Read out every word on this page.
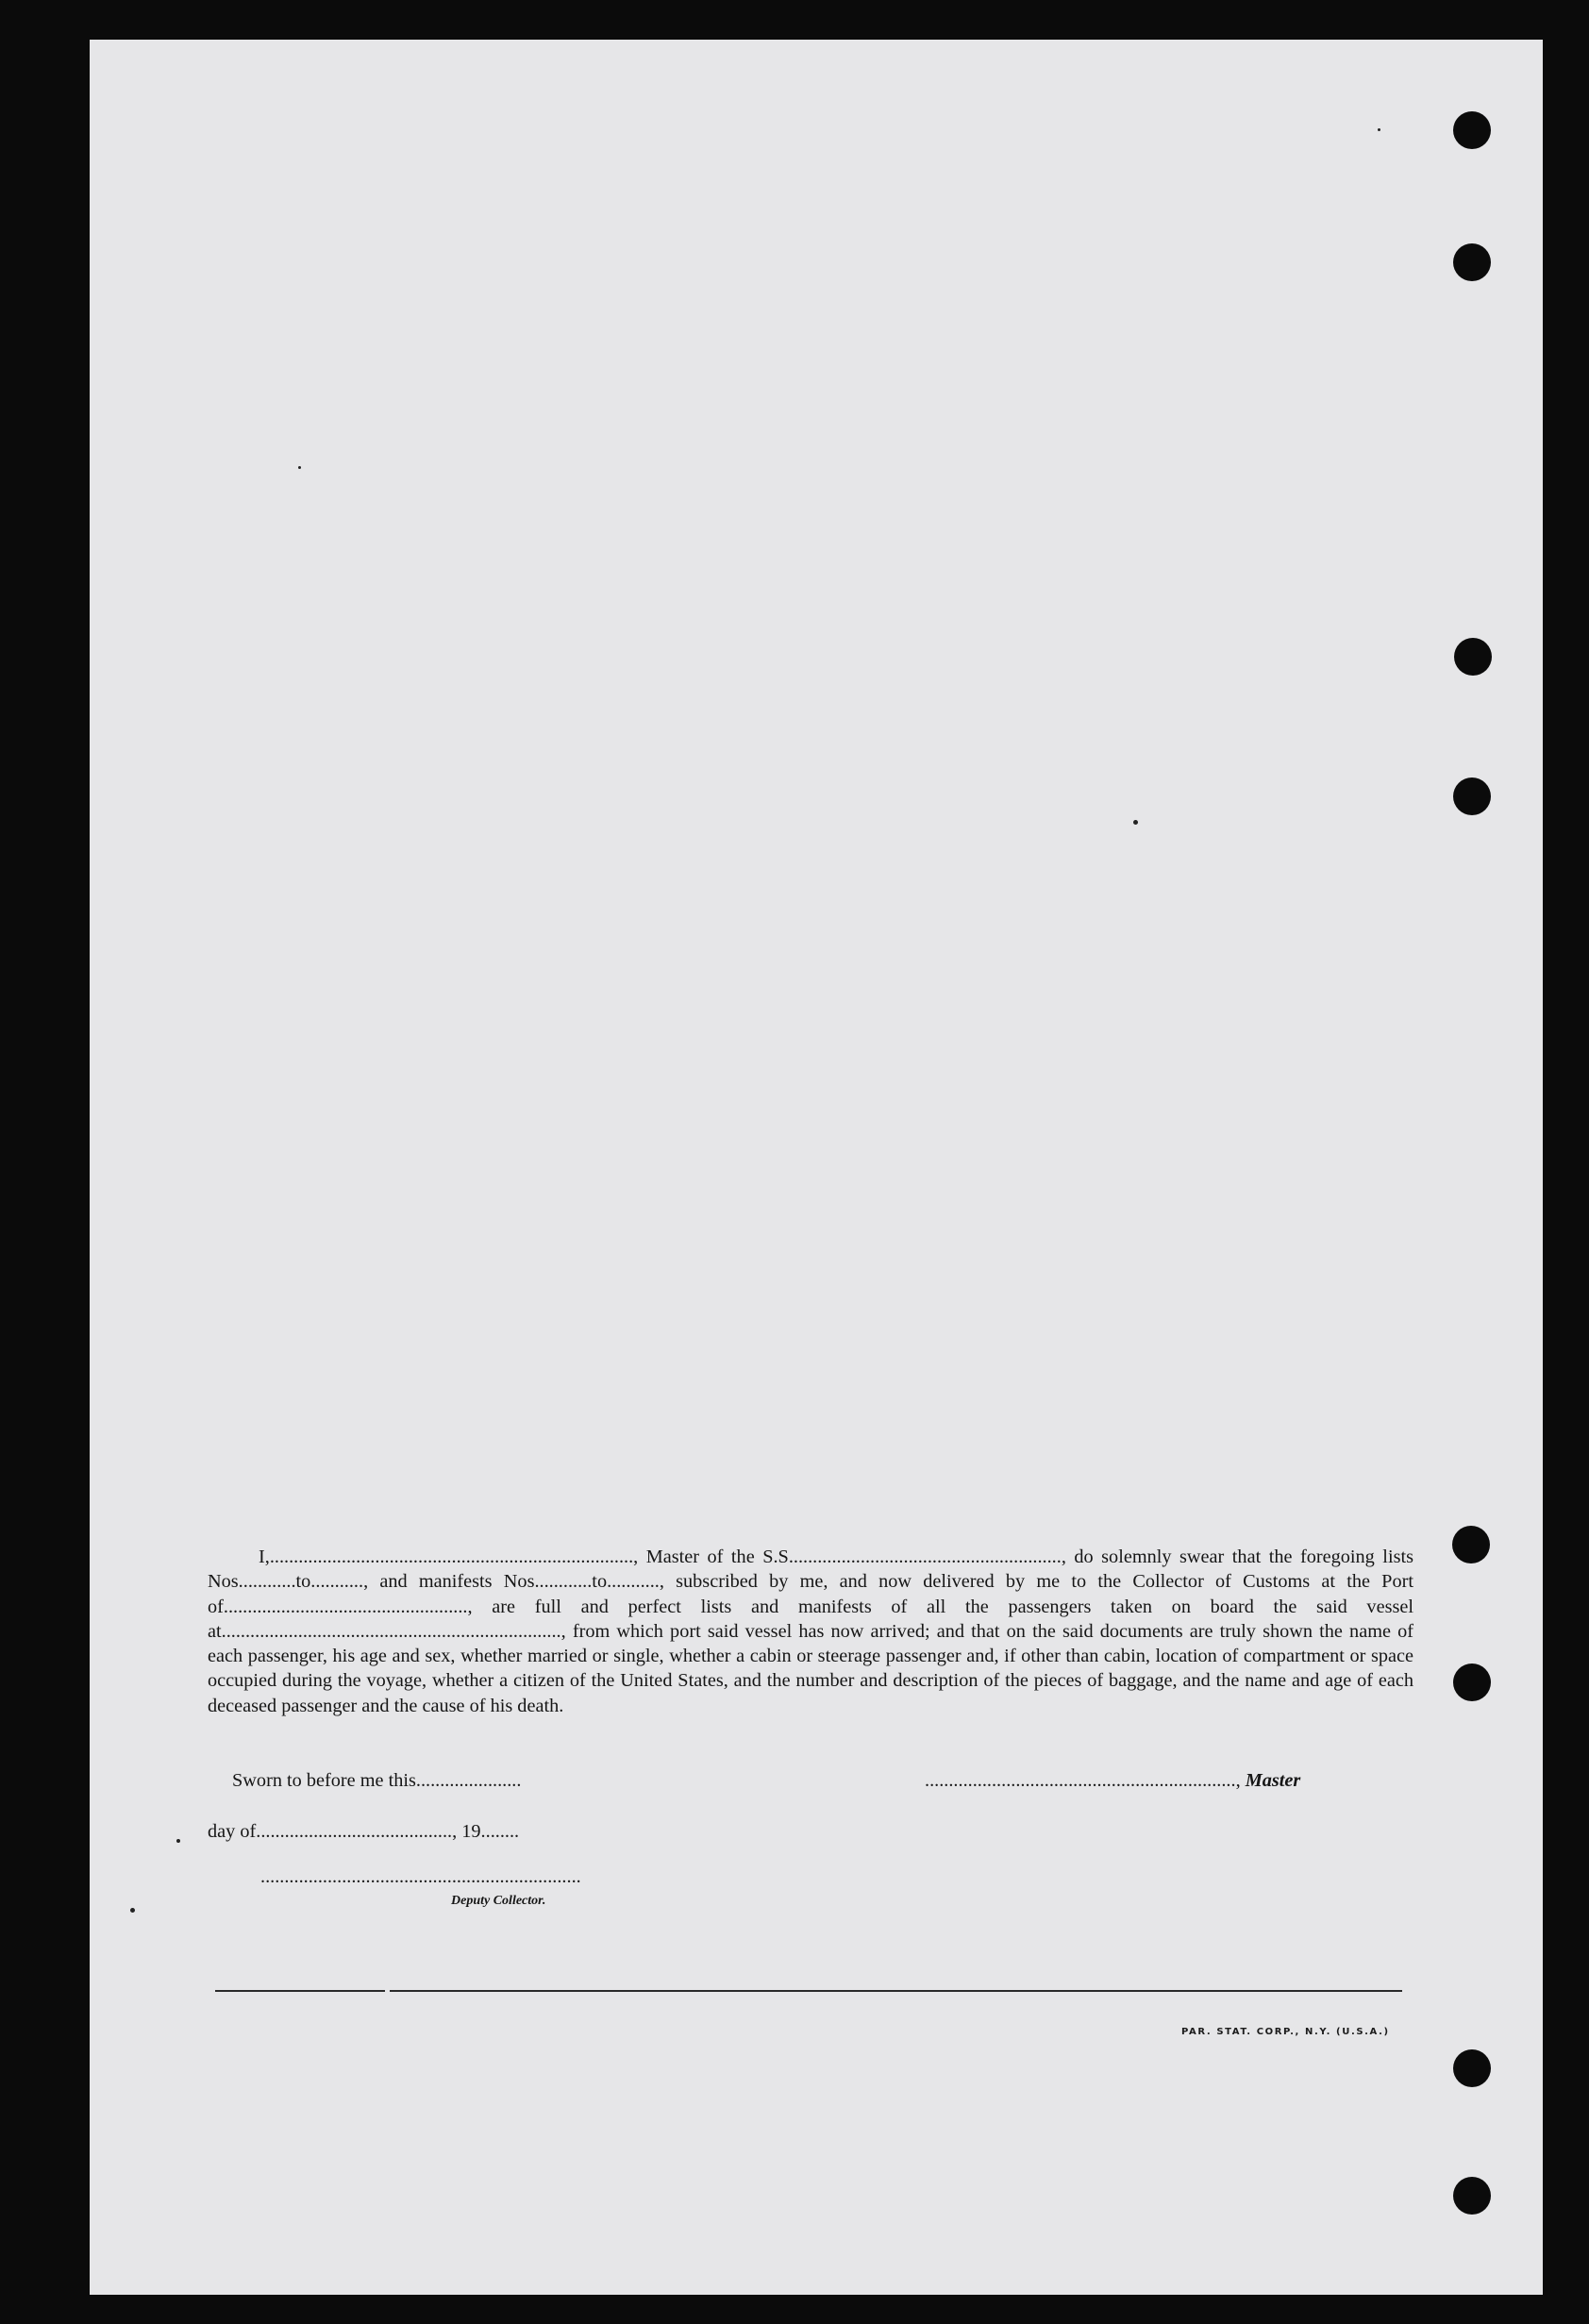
I,............................................................................, Master of the S.S........................................................., do solemnly swear that the foregoing lists Nos............to..........., and manifests Nos............to..........., subscribed by me, and now delivered by me to the Collector of Customs at the Port of..................................................., are full and perfect lists and manifests of all the passengers taken on board the said vessel at......................................................................., from which port said vessel has now arrived; and that on the said documents are truly shown the name of each passenger, his age and sex, whether married or single, whether a cabin or steerage passenger and, if other than cabin, location of compartment or space occupied during the voyage, whether a citizen of the United States, and the number and description of the pieces of baggage, and the name and age of each deceased passenger and the cause of his death.

Sworn to before me this......................	................................................................., Master
day of........................................., 19........
...................................................................
Deputy Collector.
PAR. STAT. CORP., N.Y. (U.S.A.)
